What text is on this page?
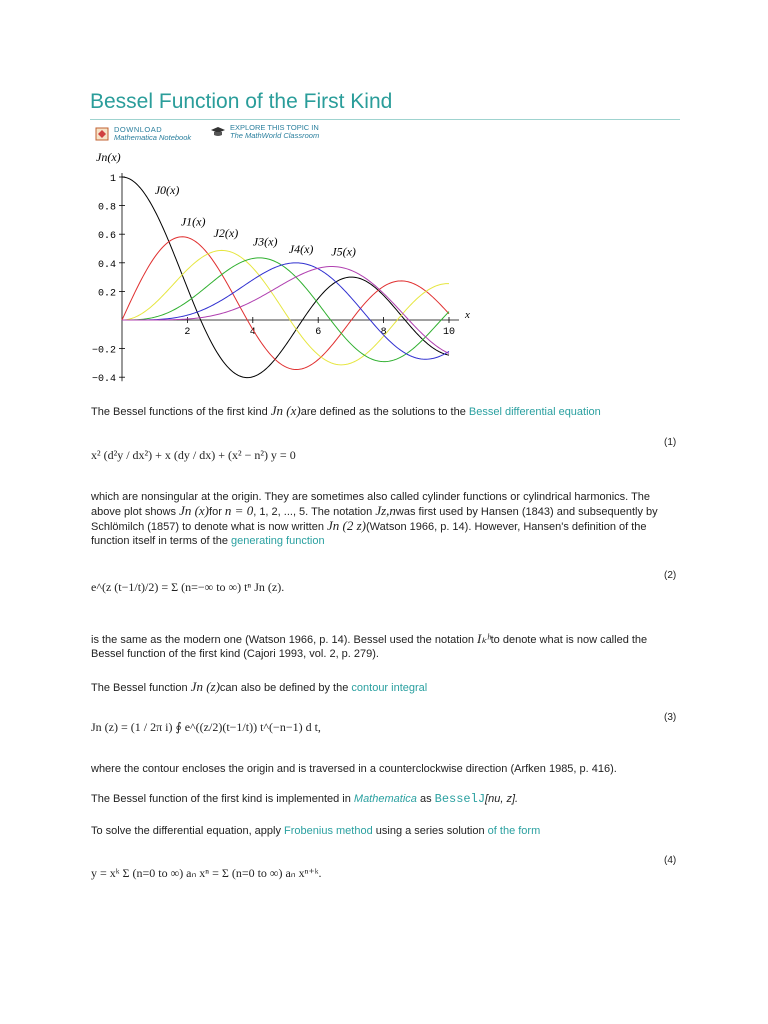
Bessel Function of the First Kind
DOWNLOAD
Mathematica Notebook
EXPLORE THIS TOPIC IN
The MathWorld Classroom
2	4	6	8	10
1
0.8
0.6
0.4
0.2
−0.2
−0.4
Jn(x)
x
J0(x)
J1(x)
J2(x)
J3(x)
J4(x) J5(x)

The Bessel functions of the first kind Jn (x)are defined as the solutions to the Bessel differential equation

x² (d²y / dx²) + x (dy / dx) + (x² − n²) y = 0
(1)

which are nonsingular at the origin. They are sometimes also called cylinder functions or cylindrical harmonics. The above plot shows Jn (x)for n = 0, 1, 2, ..., 5. The notation Jz,nwas first used by Hansen (1843) and subsequently by Schlömilch (1857) to denote what is now written Jn (2 z)(Watson 1966, p. 14). However, Hansen's definition of the function itself in terms of the generating function

e^(z (t−1/t)/2) = Σ (n=−∞ to ∞) tⁿ Jn (z).
(2)

is the same as the modern one (Watson 1966, p. 14). Bessel used the notation Iₖʰto denote what is now called the Bessel function of the first kind (Cajori 1993, vol. 2, p. 279).

The Bessel function Jn (z)can also be defined by the contour integral

Jn (z) = (1 / 2π i) ∮ e^((z/2)(t−1/t)) t^(−n−1) d t,
(3)

where the contour encloses the origin and is traversed in a counterclockwise direction (Arfken 1985, p. 416).

The Bessel function of the first kind is implemented in Mathematica as BesselJ[nu, z].

To solve the differential equation, apply Frobenius method using a series solution of the form

y = xᵏ Σ (n=0 to ∞) aₙ xⁿ = Σ (n=0 to ∞) aₙ xⁿ⁺ᵏ.
(4)
